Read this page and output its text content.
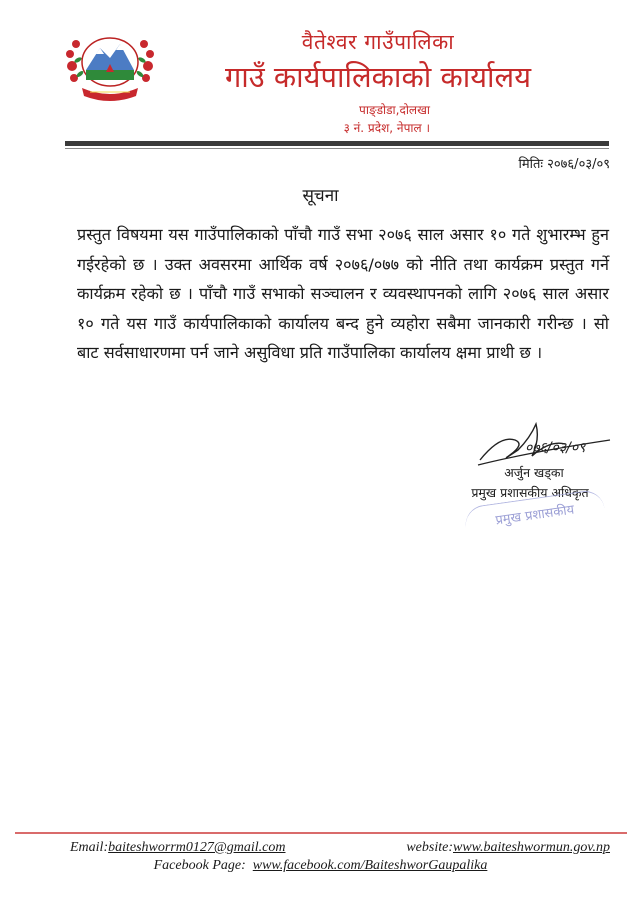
वैतेश्वर गाउँपालिका
गाउँ कार्यपालिकाको कार्यालय
पाङ्डोडा,दोलखा
३ नं. प्रदेश, नेपाल ।
मितिः २०७६/०३/०९
सूचना
प्रस्तुत विषयमा यस गाउँपालिकाको पाँचौ गाउँ सभा २०७६ साल असार १० गते शुभारम्भ हुन गईरहेको छ । उक्त अवसरमा आर्थिक वर्ष २०७६/०७७ को नीति तथा कार्यक्रम प्रस्तुत गर्ने कार्यक्रम रहेको छ । पाँचौ गाउँ सभाको सञ्चालन र व्यवस्थापनको लागि २०७६ साल असार १० गते यस गाउँ कार्यपालिकाको कार्यालय बन्द हुने व्यहोरा सबैमा जानकारी गरीन्छ । सो बाट सर्वसाधारणमा पर्न जाने असुविधा प्रति गाउँपालिका कार्यालय क्षमा प्राथी छ ।
०७६/०३/०९
अर्जुन खड्का
प्रमुख प्रशासकीय अधिकृत
प्रमुख प्रशासकीय
Email:baiteshworrm0127@gmail.com	website:www.baiteshwormun.gov.np
Facebook Page: www.facebook.com/BaiteshworGaupalika
